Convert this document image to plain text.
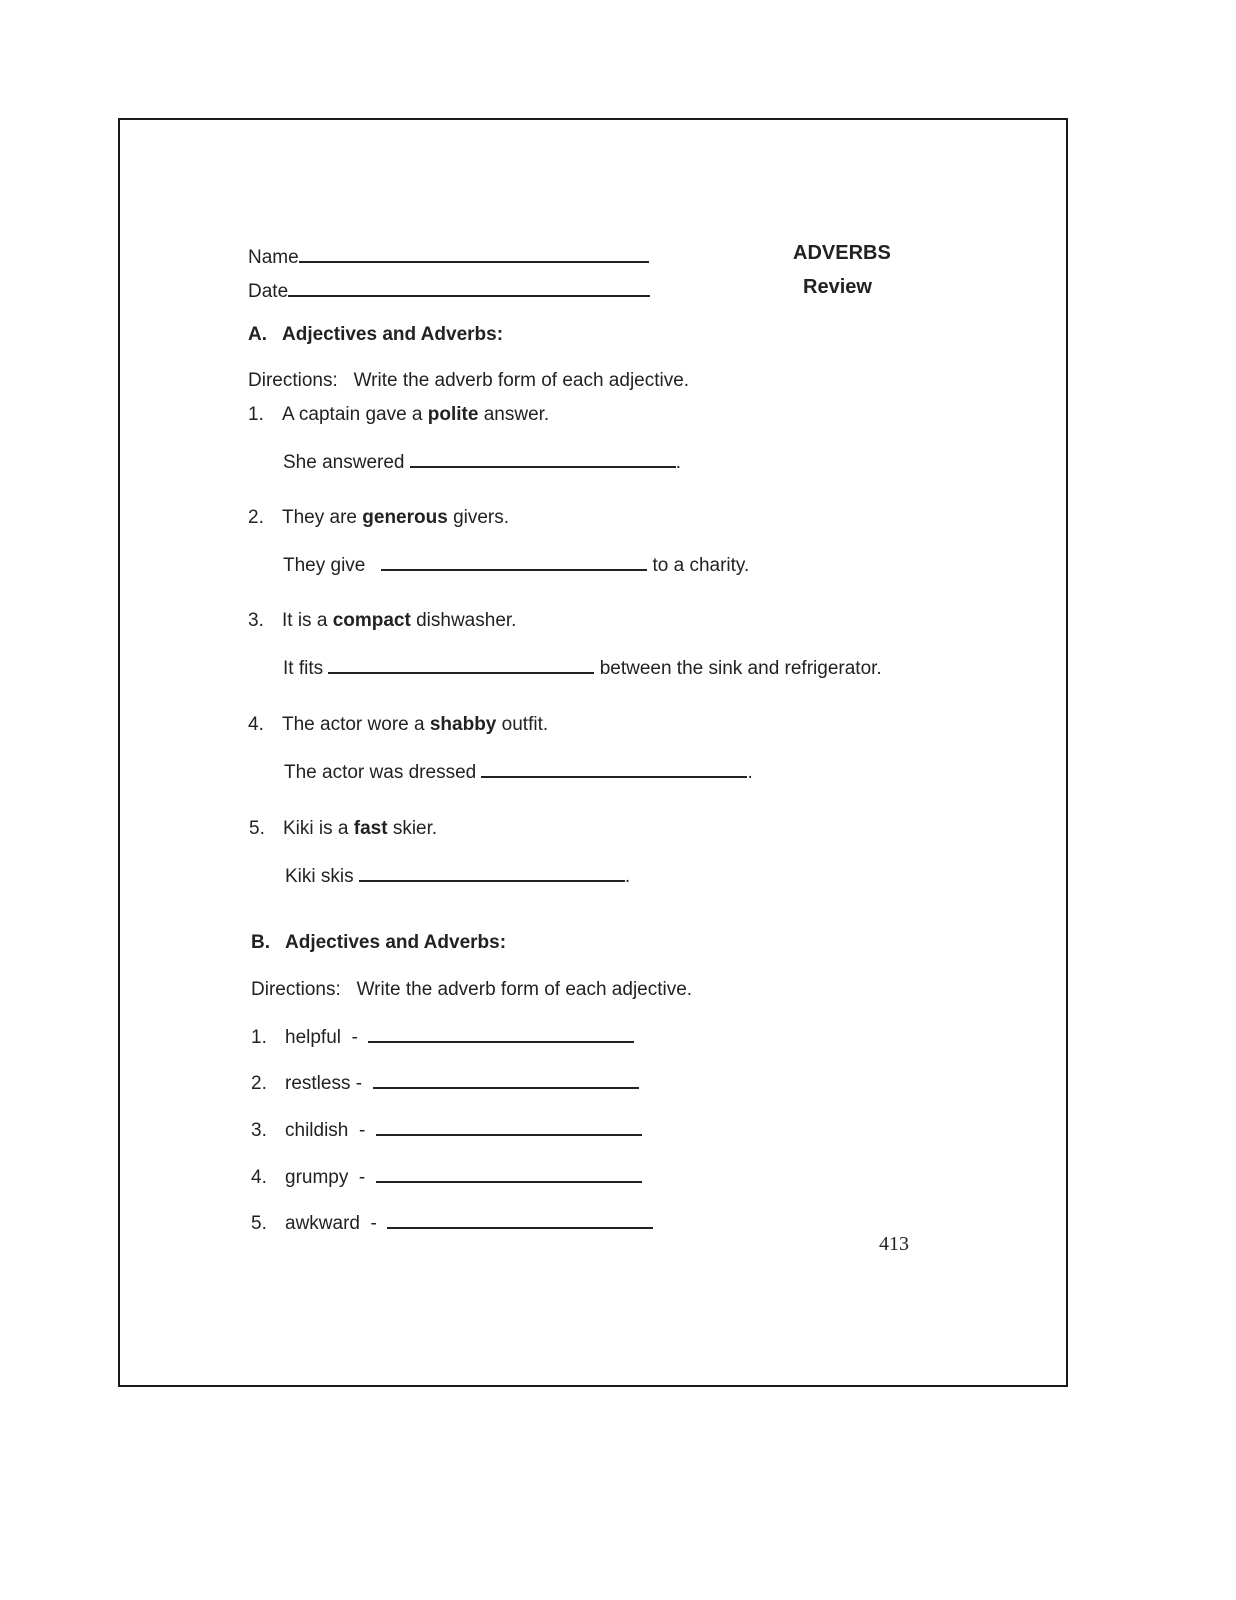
Name
Date
ADVERBS
Review
A. Adjectives and Adverbs:
Directions: Write the adverb form of each adjective.
1. A captain gave a polite answer.
She answered	.
2. They are generous givers.
They give	to a charity.
3. It is a compact dishwasher.
It fits	between the sink and refrigerator.
4. The actor wore a shabby outfit.
The actor was dressed	.
5. Kiki is a fast skier.
Kiki skis	.
B. Adjectives and Adverbs:
Directions: Write the adverb form of each adjective.
1. helpful -
2. restless -
3. childish -
4. grumpy -
5. awkward -
413
